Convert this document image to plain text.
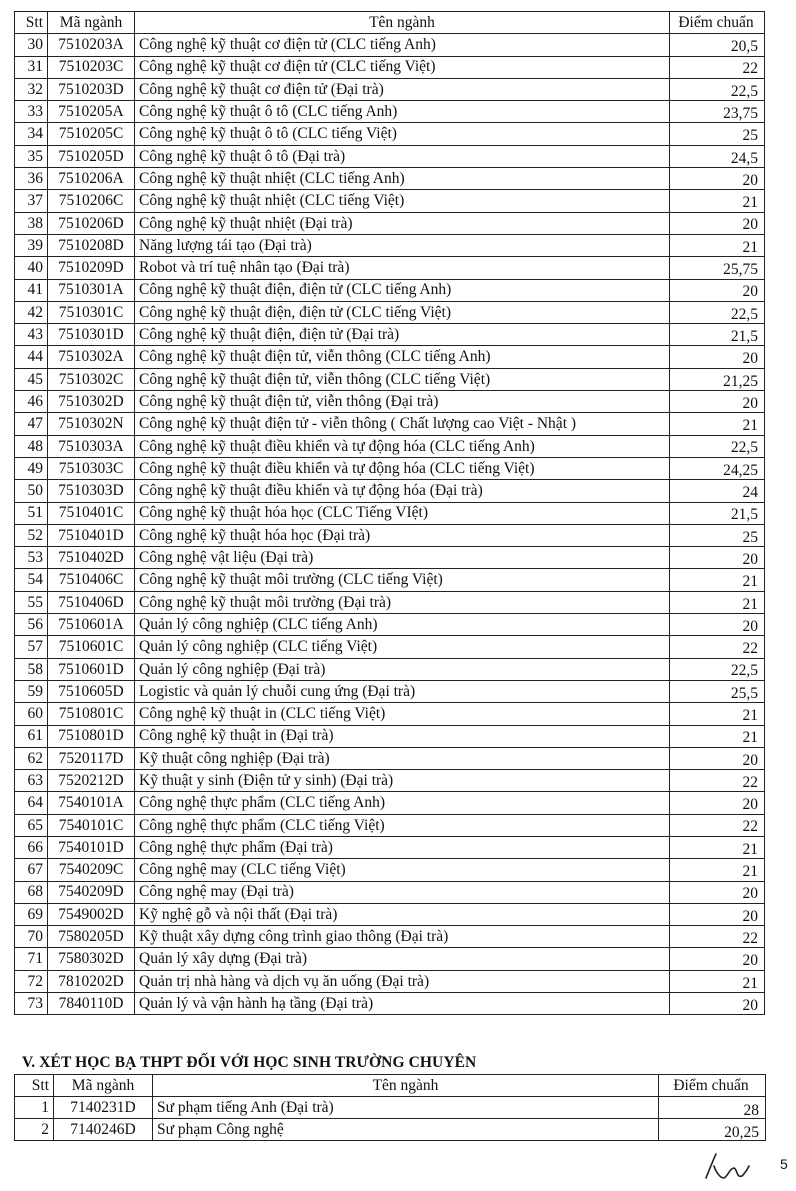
Stt	Mã ngành	Tên ngành	Điểm chuẩn
30	7510203A	Công nghệ kỹ thuật cơ điện tử (CLC tiếng Anh)	20,5
31	7510203C	Công nghệ kỹ thuật cơ điện tử (CLC tiếng Việt)	22
32	7510203D	Công nghệ kỹ thuật cơ điện tử (Đại trà)	22,5
33	7510205A	Công nghệ kỹ thuật ô tô (CLC tiếng Anh)	23,75
34	7510205C	Công nghệ kỹ thuật ô tô (CLC tiếng Việt)	25
35	7510205D	Công nghệ kỹ thuật ô tô (Đại trà)	24,5
36	7510206A	Công nghệ kỹ thuật nhiệt (CLC tiếng Anh)	20
37	7510206C	Công nghệ kỹ thuật nhiệt (CLC tiếng Việt)	21
38	7510206D	Công nghệ kỹ thuật nhiệt (Đại trà)	20
39	7510208D	Năng lượng tái tạo (Đại trà)	21
40	7510209D	Robot và trí tuệ nhân tạo (Đại trà)	25,75
41	7510301A	Công nghệ kỹ thuật điện, điện tử (CLC tiếng Anh)	20
42	7510301C	Công nghệ kỹ thuật điện, điện tử (CLC tiếng Việt)	22,5
43	7510301D	Công nghệ kỹ thuật điện, điện tử (Đại trà)	21,5
44	7510302A	Công nghệ kỹ thuật điện tử, viễn thông (CLC tiếng Anh)	20
45	7510302C	Công nghệ kỹ thuật điện tử, viễn thông (CLC tiếng Việt)	21,25
46	7510302D	Công nghệ kỹ thuật điện tử, viễn thông (Đại trà)	20
47	7510302N	Công nghệ kỹ thuật điện tử - viễn thông ( Chất lượng cao Việt - Nhật )	21
48	7510303A	Công nghệ kỹ thuật điều khiển và tự động hóa (CLC tiếng Anh)	22,5
49	7510303C	Công nghệ kỹ thuật điều khiển và tự động hóa (CLC tiếng Việt)	24,25
50	7510303D	Công nghệ kỹ thuật điều khiển và tự động hóa (Đại trà)	24
51	7510401C	Công nghệ kỹ thuật hóa học (CLC Tiếng VIệt)	21,5
52	7510401D	Công nghệ kỹ thuật hóa học (Đại trà)	25
53	7510402D	Công nghệ vật liệu (Đại trà)	20
54	7510406C	Công nghệ kỹ thuật môi trường (CLC tiếng Việt)	21
55	7510406D	Công nghệ kỹ thuật môi trường (Đại trà)	21
56	7510601A	Quản lý công nghiệp (CLC tiếng Anh)	20
57	7510601C	Quản lý công nghiệp (CLC tiếng Việt)	22
58	7510601D	Quản lý công nghiệp (Đại trà)	22,5
59	7510605D	Logistic và quản lý chuỗi cung ứng (Đại trà)	25,5
60	7510801C	Công nghệ kỹ thuật in (CLC tiếng Việt)	21
61	7510801D	Công nghệ kỹ thuật in (Đại trà)	21
62	7520117D	Kỹ thuật công nghiệp (Đại trà)	20
63	7520212D	Kỹ thuật y sinh (Điện tử y sinh) (Đại trà)	22
64	7540101A	Công nghệ thực phẩm (CLC tiếng Anh)	20
65	7540101C	Công nghệ thực phẩm (CLC tiếng Việt)	22
66	7540101D	Công nghệ thực phẩm (Đại trà)	21
67	7540209C	Công nghệ may (CLC tiếng Việt)	21
68	7540209D	Công nghệ may (Đại trà)	20
69	7549002D	Kỹ nghệ gỗ và nội thất (Đại trà)	20
70	7580205D	Kỹ thuật xây dựng công trình giao thông (Đại trà)	22
71	7580302D	Quản lý xây dựng (Đại trà)	20
72	7810202D	Quản trị nhà hàng và dịch vụ ăn uống (Đại trà)	21
73	7840110D	Quản lý và vận hành hạ tầng (Đại trà)	20
V. XÉT HỌC BẠ THPT ĐỐI VỚI HỌC SINH TRƯỜNG CHUYÊN
Stt	Mã ngành	Tên ngành	Điểm chuẩn
1	7140231D	Sư phạm tiếng Anh (Đại trà)	28
2	7140246D	Sư phạm Công nghệ	20,25
5
